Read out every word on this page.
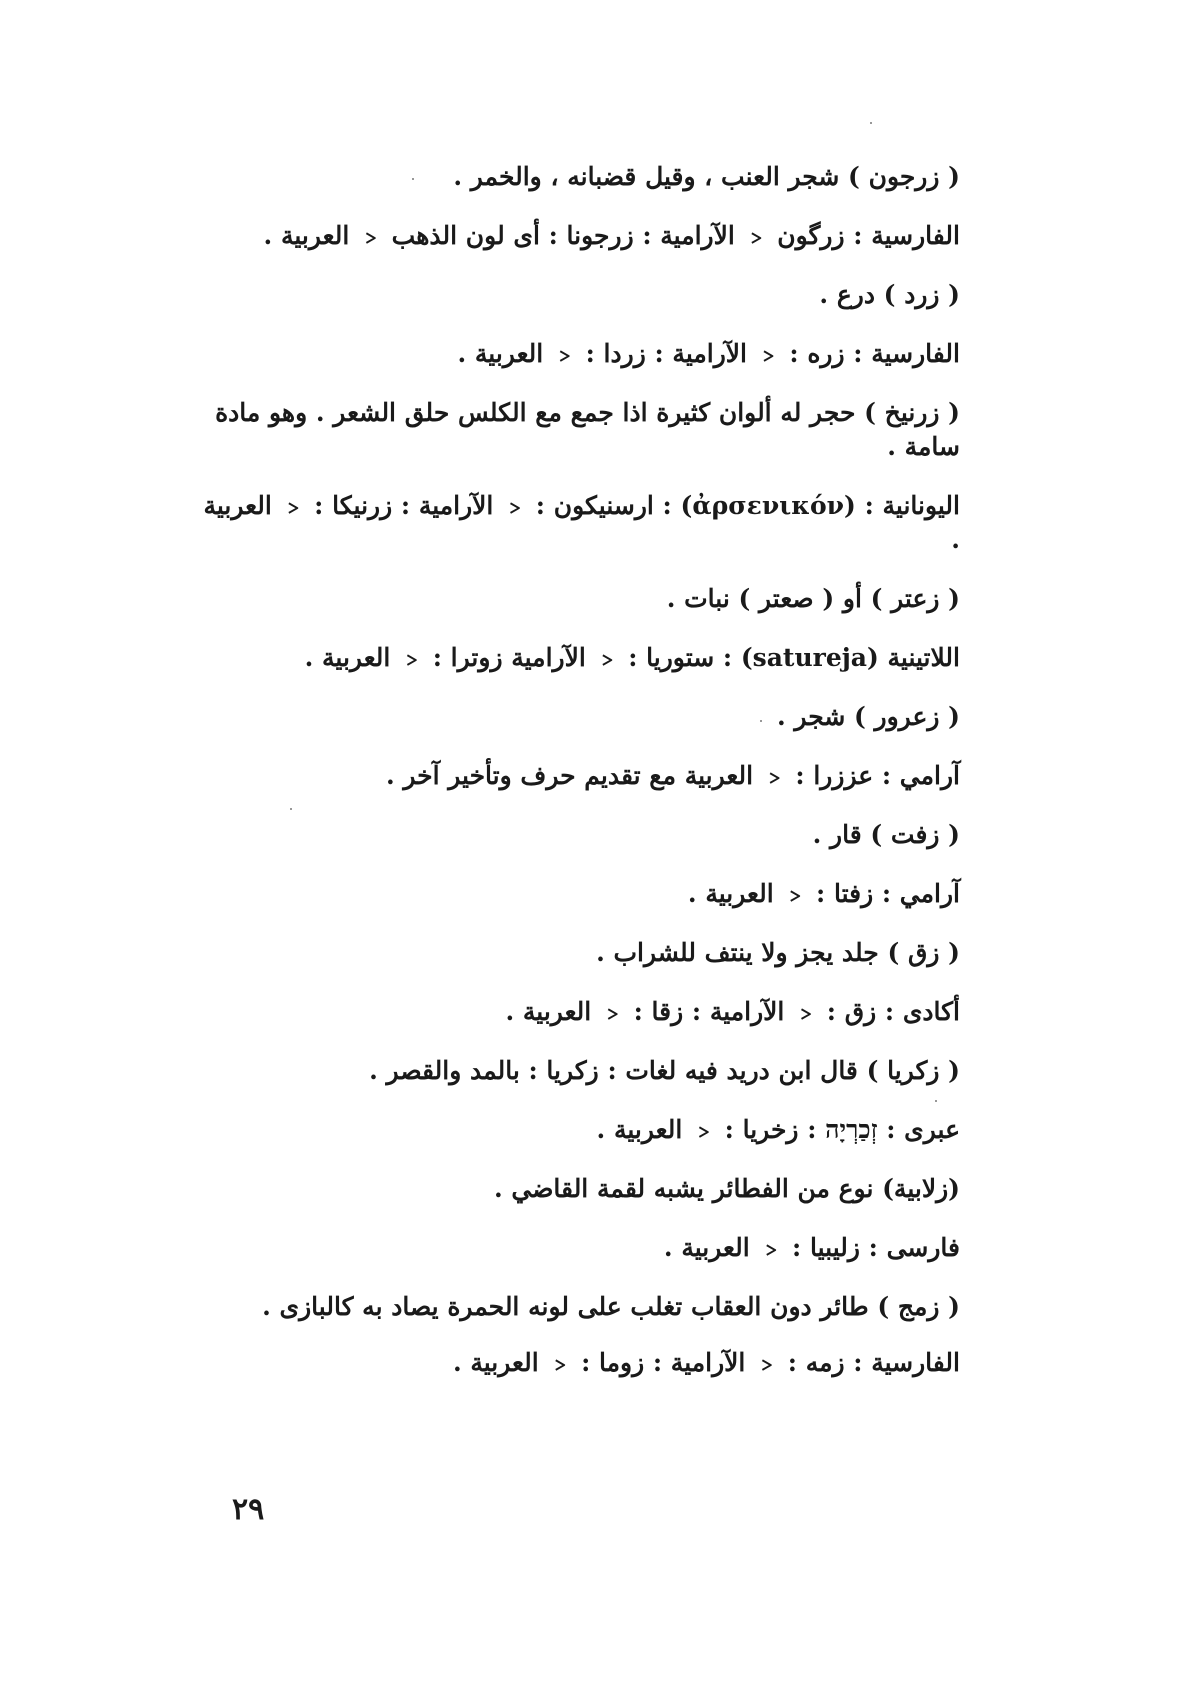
( زرجون ) شجر العنب ، وقيل قضبانه ، والخمر .

الفارسية : زرگون ﹤ الآرامية : زرجونا : أى لون الذهب ﹤ العربية .

( زرد ) درع .

الفارسية : زره : ﹤ الآرامية : زردا : ﹤ العربية .

( زرنيخ ) حجر له ألوان كثيرة اذا جمع مع الكلس حلق الشعر . وهو مادة سامة .

اليونانية : (ἀρσενικόν) : ارسنيكون : ﹤ الآرامية : زرنيكا : ﹤ العربية .

( زعتر ) أو ( صعتر ) نبات .

اللاتينية (satureja) : ستوريا : ﹤ الآرامية زوترا : ﹤ العربية .

( زعرور ) شجر .

آرامي : عززرا : ﹤ العربية مع تقديم حرف وتأخير آخر .

( زفت ) قار .

آرامي : زفتا : ﹤ العربية .

( زق ) جلد يجز ولا ينتف للشراب .

أكادى : زق : ﹤ الآرامية : زقا : ﹤ العربية .

( زكريا ) قال ابن دريد فيه لغات : زكريا : بالمد والقصر .

عبرى : זְכַרְיָה : زخريا : ﹤ العربية .

(زلابية) نوع من الفطائر يشبه لقمة القاضي .

فارسى : زليبيا : ﹤ العربية .

( زمج ) طائر دون العقاب تغلب على لونه الحمرة يصاد به كالبازى .

الفارسية : زمه : ﹤ الآرامية : زوما : ﹤ العربية .

٢٩
